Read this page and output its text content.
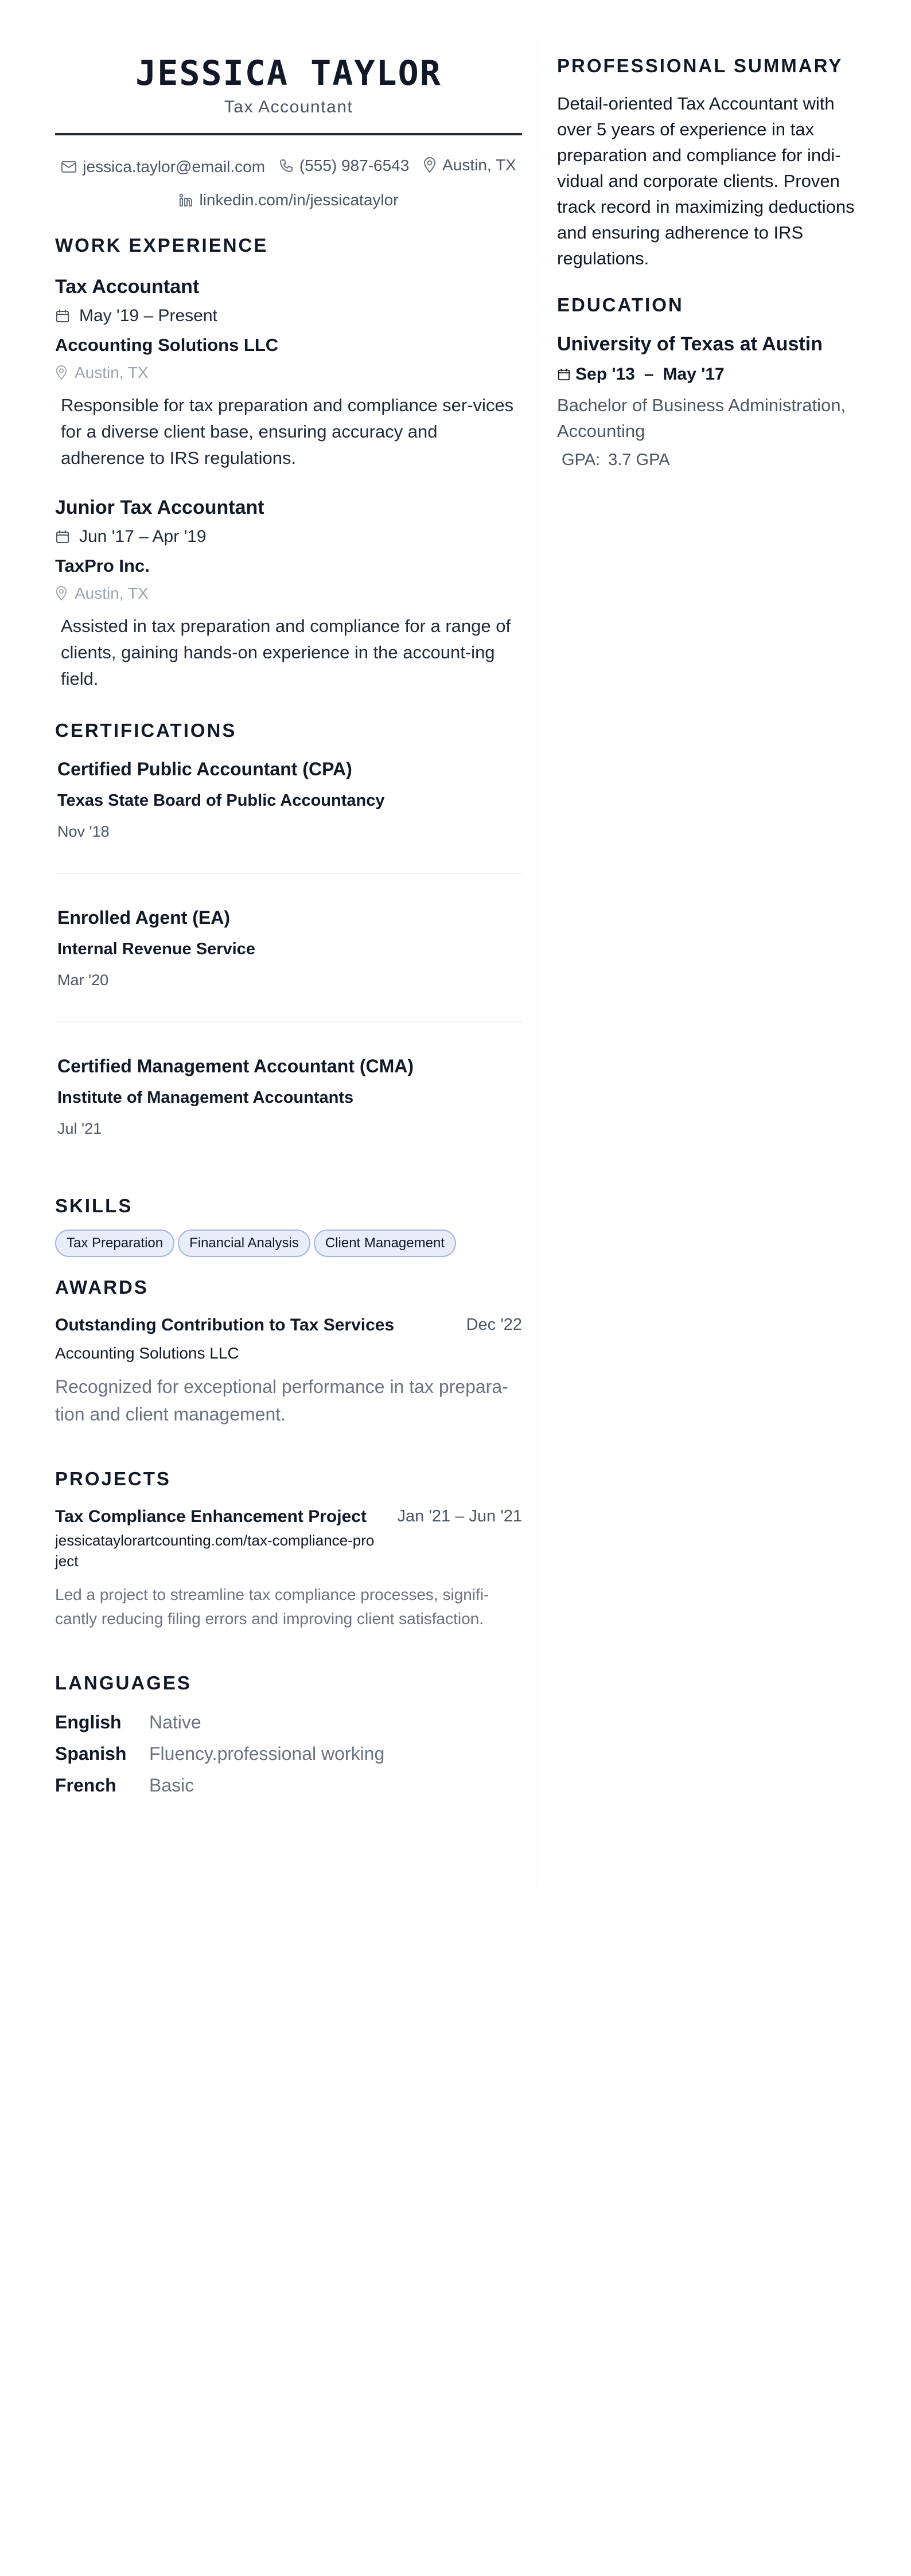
JESSICA TAYLOR
Tax Accountant
jessica.taylor@email.com
(555) 987-6543
Austin, TX

linkedin.com/in/jessicataylor
WORK EXPERIENCE
Tax Accountant
May '19 – Present
Accounting Solutions LLC
Austin, TX
Responsible for tax preparation and compliance ser-vices for a diverse client base, ensuring accuracy and adherence to IRS regulations.
Junior Tax Accountant
Jun '17 – Apr '19
TaxPro Inc.
Austin, TX
Assisted in tax preparation and compliance for a range of clients, gaining hands-on experience in the account-ing field.
CERTIFICATIONS
Certified Public Accountant (CPA)
Texas State Board of Public Accountancy
Nov '18
Enrolled Agent (EA)
Internal Revenue Service
Mar '20
Certified Management Accountant (CMA)
Institute of Management Accountants
Jul '21
SKILLS
Tax Preparation Financial Analysis Client Management
AWARDS
Outstanding Contribution to Tax Services	Dec '22
Accounting Solutions LLC
Recognized for exceptional performance in tax prepara-tion and client management.
PROJECTS
Tax Compliance Enhancement Project Jan '21 – Jun '21
jessicataylorartcounting.com/tax-compliance-project
Led a project to streamline tax compliance processes, signifi-cantly reducing filing errors and improving client satisfaction.
LANGUAGES
English	Native
Spanish	Fluency.professional working
French	Basic
PROFESSIONAL SUMMARY
Detail-oriented Tax Accountant with over 5 years of experience in tax preparation and compliance for indi-vidual and corporate clients. Proven track record in maximizing deductions and ensuring adherence to IRS regulations.
EDUCATION
University of Texas at Austin
Sep '13 – May '17
Bachelor of Business Administration, Accounting
GPA: 3.7 GPA
